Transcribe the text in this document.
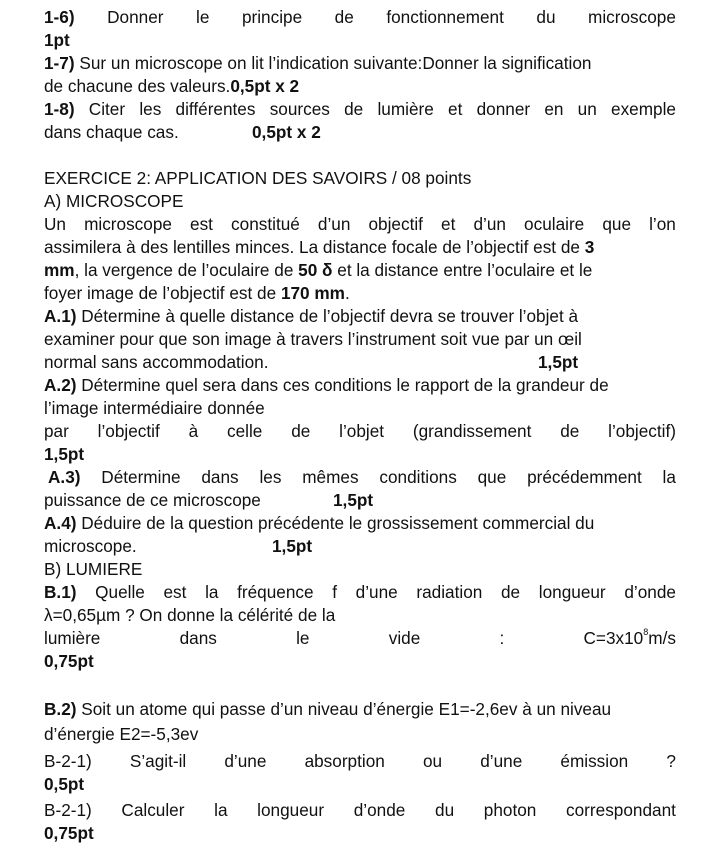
1-6) Donner le principe de fonctionnement du microscope
1pt
1-7) Sur un microscope on lit l’indication suivante:Donner la signification
de chacune des valeurs.0,5pt x 2
1-8) Citer les différentes sources de lumière et donner en un exemple
dans chaque cas.	0,5pt x 2
EXERCICE 2: APPLICATION DES SAVOIRS / 08 points
A) MICROSCOPE
Un microscope est constitué d’un objectif et d’un oculaire que l’on
assimilera à des lentilles minces. La distance focale de l’objectif est de 3
mm, la vergence de l’oculaire de 50 δ et la distance entre l’oculaire et le
foyer image de l’objectif est de 170 mm.
A.1) Détermine à quelle distance de l’objectif devra se trouver l’objet à
examiner pour que son image à travers l’instrument soit vue par un œil
normal sans accommodation.	1,5pt
A.2) Détermine quel sera dans ces conditions le rapport de la grandeur de
l’image intermédiaire donnée
par l’objectif à celle de l’objet (grandissement de l’objectif)
1,5pt
A.3) Détermine dans les mêmes conditions que précédemment la
puissance de ce microscope	1,5pt
A.4) Déduire de la question précédente le grossissement commercial du
microscope.	1,5pt
B) LUMIERE
B.1) Quelle est la fréquence f d’une radiation de longueur d’onde
λ=0,65µm ? On donne la célérité de la
lumière	dans	le	vide	:	$C=3x10^8m/s$
0,75pt
B.2) Soit un atome qui passe d’un niveau d’énergie E1=-2,6ev à un niveau
d’énergie E2=-5,3ev
B-2-1) S’agit-il d’une absorption ou d’une émission ?
0,5pt
B-2-1) Calculer la longueur d’onde du photon correspondant
0,75pt
